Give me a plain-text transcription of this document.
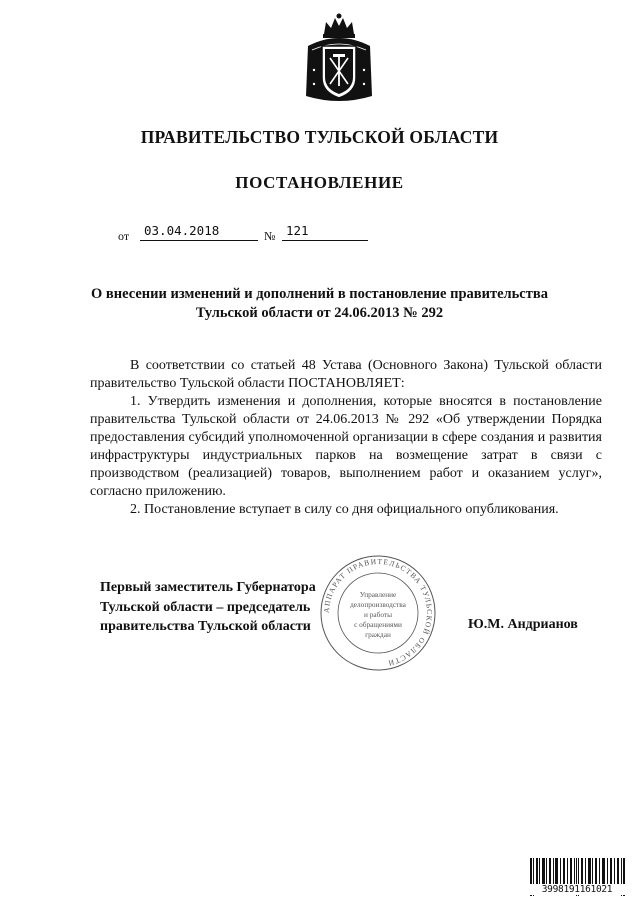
ПРАВИТЕЛЬСТВО ТУЛЬСКОЙ ОБЛАСТИ
ПОСТАНОВЛЕНИЕ
от	03.04.2018	№ 121
О внесении изменений и дополнений в постановление правительства
Тульской области от 24.06.2013 № 292

В соответствии со статьей 48 Устава (Основного Закона) Тульской области правительство Тульской области ПОСТАНОВЛЯЕТ:

1. Утвердить изменения и дополнения, которые вносятся в постановление правительства Тульской области от 24.06.2013 № 292 «Об утверждении Порядка предоставления субсидий уполномоченной организации в сфере создания и развития инфраструктуры индустриальных парков на возмещение затрат в связи с производством (реализацией) товаров, выполнением работ и оказанием услуг», согласно приложению.

2. Постановление вступает в силу со дня официального опубликования.

АППАРАТ ПРАВИТЕЛЬСТВА ТУЛЬСКОЙ ОБЛАСТИ
Управление
делопроизводства
и работы
с обращениями
граждан
Первый заместитель Губернатора
Тульской области – председатель
правительства Тульской области	Ю.М. Андрианов
3998191161021
